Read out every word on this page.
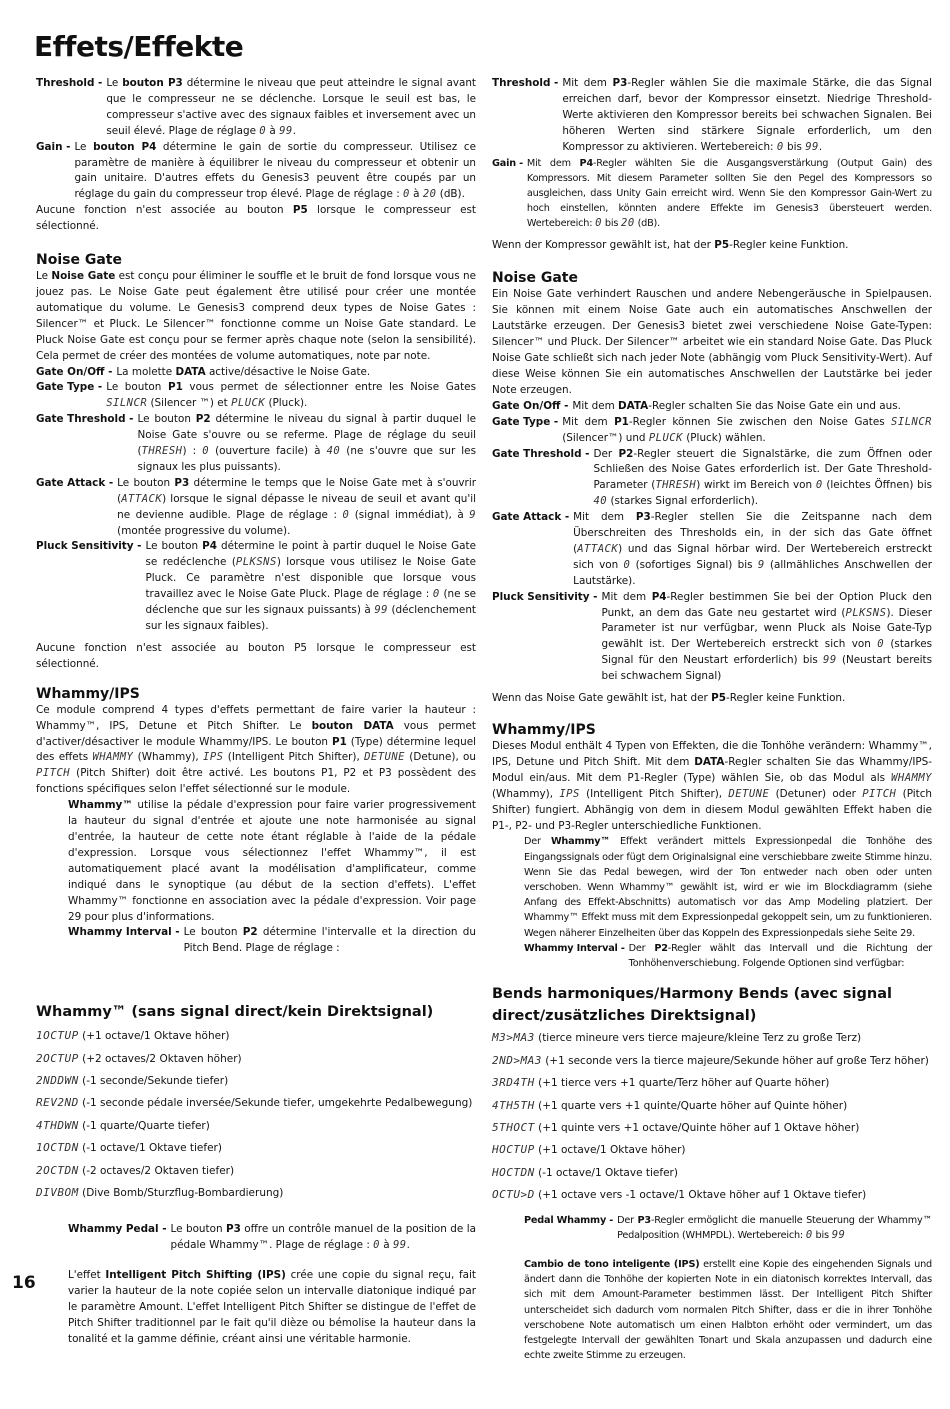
Effets/Effekte
16
Threshold - Le bouton P3 détermine le niveau que peut atteindre le signal avant que le compresseur ne se déclenche. Lorsque le seuil est bas, le compresseur s'active avec des signaux faibles et inversement avec un seuil élevé. Plage de réglage 0 à 99.
Gain - Le bouton P4 détermine le gain de sortie du compresseur. Utilisez ce paramètre de manière à équilibrer le niveau du compresseur et obtenir un gain unitaire. D'autres effets du Genesis3 peuvent être coupés par un réglage du gain du compresseur trop élevé. Plage de réglage : 0 à 20 (dB).

Aucune fonction n'est associée au bouton P5 lorsque le compresseur est sélectionné.

Noise Gate

Le Noise Gate est conçu pour éliminer le souffle et le bruit de fond lorsque vous ne jouez pas. Le Noise Gate peut également être utilisé pour créer une montée automatique du volume. Le Genesis3 comprend deux types de Noise Gates : Silencer™ et Pluck. Le Silencer™ fonctionne comme un Noise Gate standard. Le Pluck Noise Gate est conçu pour se fermer après chaque note (selon la sensibilité). Cela permet de créer des montées de volume automatiques, note par note.

Gate On/Off - La molette DATA active/désactive le Noise Gate.
Gate Type - Le bouton P1 vous permet de sélectionner entre les Noise Gates SILNCR (Silencer ™) et PLUCK (Pluck).
Gate Threshold - Le bouton P2 détermine le niveau du signal à partir duquel le Noise Gate s'ouvre ou se referme. Plage de réglage du seuil (THRESH) : 0 (ouverture facile) à 40 (ne s'ouvre que sur les signaux les plus puissants).
Gate Attack - Le bouton P3 détermine le temps que le Noise Gate met à s'ouvrir (ATTACK) lorsque le signal dépasse le niveau de seuil et avant qu'il ne devienne audible. Plage de réglage : 0 (signal immédiat), à 9 (montée progressive du volume).
Pluck Sensitivity - Le bouton P4 détermine le point à partir duquel le Noise Gate se redéclenche (PLKSNS) lorsque vous utilisez le Noise Gate Pluck. Ce paramètre n'est disponible que lorsque vous travaillez avec le Noise Gate Pluck. Plage de réglage : 0 (ne se déclenche que sur les signaux puissants) à 99 (déclenchement sur les signaux faibles).

Aucune fonction n'est associée au bouton P5 lorsque le compresseur est sélectionné.

Whammy/IPS

Ce module comprend 4 types d'effets permettant de faire varier la hauteur : Whammy™, IPS, Detune et Pitch Shifter. Le bouton DATA vous permet d'activer/désactiver le module Whammy/IPS. Le bouton P1 (Type) détermine lequel des effets WHAMMY (Whammy), IPS (Intelligent Pitch Shifter), DETUNE (Detune), ou PITCH (Pitch Shifter) doit être activé. Les boutons P1, P2 et P3 possèdent des fonctions spécifiques selon l'effet sélectionné sur le module.

Whammy™ utilise la pédale d'expression pour faire varier progressivement la hauteur du signal d'entrée et ajoute une note harmonisée au signal d'entrée, la hauteur de cette note étant réglable à l'aide de la pédale d'expression. Lorsque vous sélectionnez l'effet Whammy™, il est automatiquement placé avant la modélisation d'amplificateur, comme indiqué dans le synoptique (au début de la section d'effets). L'effet Whammy™ fonctionne en association avec la pédale d'expression. Voir page 29 pour plus d'informations.

Whammy Interval - Le bouton P2 détermine l'intervalle et la direction du Pitch Bend. Plage de réglage :
Whammy™ (sans signal direct/kein Direktsignal)
1OCTUP (+1 octave/1 Oktave höher)
2OCTUP (+2 octaves/2 Oktaven höher)
2NDDWN (-1 seconde/Sekunde tiefer)
REV2ND (-1 seconde pédale inversée/Sekunde tiefer, umgekehrte Pedalbewegung)
4THDWN (-1 quarte/Quarte tiefer)
1OCTDN (-1 octave/1 Oktave tiefer)
2OCTDN (-2 octaves/2 Oktaven tiefer)
DIVBOM (Dive Bomb/Sturzflug-Bombardierung)
Whammy Pedal - Le bouton P3 offre un contrôle manuel de la position de la pédale Whammy™. Plage de réglage : 0 à 99.

L'effet Intelligent Pitch Shifting (IPS) crée une copie du signal reçu, fait varier la hauteur de la note copiée selon un intervalle diatonique indiqué par le paramètre Amount. L'effet Intelligent Pitch Shifter se distingue de l'effet de Pitch Shifter traditionnel par le fait qu'il dièze ou bémolise la hauteur dans la tonalité et la gamme définie, créant ainsi une véritable harmonie.

Threshold - Mit dem P3-Regler wählen Sie die maximale Stärke, die das Signal erreichen darf, bevor der Kompressor einsetzt. Niedrige Threshold-Werte aktivieren den Kompressor bereits bei schwachen Signalen. Bei höheren Werten sind stärkere Signale erforderlich, um den Kompressor zu aktivieren. Wertebereich: 0 bis 99.
Gain - Mit dem P4-Regler wählten Sie die Ausgangsverstärkung (Output Gain) des Kompressors. Mit diesem Parameter sollten Sie den Pegel des Kompressors so ausgleichen, dass Unity Gain erreicht wird. Wenn Sie den Kompressor Gain-Wert zu hoch einstellen, könnten andere Effekte im Genesis3 übersteuert werden. Wertebereich: 0 bis 20 (dB).

Wenn der Kompressor gewählt ist, hat der P5-Regler keine Funktion.

Noise Gate

Ein Noise Gate verhindert Rauschen und andere Nebengeräusche in Spielpausen. Sie können mit einem Noise Gate auch ein automatisches Anschwellen der Lautstärke erzeugen. Der Genesis3 bietet zwei verschiedene Noise Gate-Typen: Silencer™ und Pluck. Der Silencer™ arbeitet wie ein standard Noise Gate. Das Pluck Noise Gate schließt sich nach jeder Note (abhängig vom Pluck Sensitivity-Wert). Auf diese Weise können Sie ein automatisches Anschwellen der Lautstärke bei jeder Note erzeugen.

Gate On/Off - Mit dem DATA-Regler schalten Sie das Noise Gate ein und aus.
Gate Type - Mit dem P1-Regler können Sie zwischen den Noise Gates SILNCR (Silencer™) und PLUCK (Pluck) wählen.
Gate Threshold - Der P2-Regler steuert die Signalstärke, die zum Öffnen oder Schließen des Noise Gates erforderlich ist. Der Gate Threshold-Parameter (THRESH) wirkt im Bereich von 0 (leichtes Öffnen) bis 40 (starkes Signal erforderlich).
Gate Attack - Mit dem P3-Regler stellen Sie die Zeitspanne nach dem Überschreiten des Thresholds ein, in der sich das Gate öffnet (ATTACK) und das Signal hörbar wird. Der Wertebereich erstreckt sich von 0 (sofortiges Signal) bis 9 (allmähliches Anschwellen der Lautstärke).
Pluck Sensitivity - Mit dem P4-Regler bestimmen Sie bei der Option Pluck den Punkt, an dem das Gate neu gestartet wird (PLKSNS). Dieser Parameter ist nur verfügbar, wenn Pluck als Noise Gate-Typ gewählt ist. Der Wertebereich erstreckt sich von 0 (starkes Signal für den Neustart erforderlich) bis 99 (Neustart bereits bei schwachem Signal)

Wenn das Noise Gate gewählt ist, hat der P5-Regler keine Funktion.

Whammy/IPS

Dieses Modul enthält 4 Typen von Effekten, die die Tonhöhe verändern: Whammy™, IPS, Detune und Pitch Shift. Mit dem DATA-Regler schalten Sie das Whammy/IPS-Modul ein/aus. Mit dem P1-Regler (Type) wählen Sie, ob das Modul als WHAMMY (Whammy), IPS (Intelligent Pitch Shifter), DETUNE (Detuner) oder PITCH (Pitch Shifter) fungiert. Abhängig von dem in diesem Modul gewählten Effekt haben die P1-, P2- und P3-Regler unterschiedliche Funktionen.

Der Whammy™ Effekt verändert mittels Expressionpedal die Tonhöhe des Eingangssignals oder fügt dem Originalsignal eine verschiebbare zweite Stimme hinzu. Wenn Sie das Pedal bewegen, wird der Ton entweder nach oben oder unten verschoben. Wenn Whammy™ gewählt ist, wird er wie im Blockdiagramm (siehe Anfang des Effekt-Abschnitts) automatisch vor das Amp Modeling platziert. Der Whammy™ Effekt muss mit dem Expressionpedal gekoppelt sein, um zu funktionieren. Wegen näherer Einzelheiten über das Koppeln des Expressionpedals siehe Seite 29.

Whammy Interval - Der P2-Regler wählt das Intervall und die Richtung der Tonhöhenverschiebung. Folgende Optionen sind verfügbar:
Bends harmoniques/Harmony Bends (avec signal direct/zusätzliches Direktsignal)
M3>MA3 (tierce mineure vers tierce majeure/kleine Terz zu große Terz)
2ND>MA3 (+1 seconde vers la tierce majeure/Sekunde höher auf große Terz höher)
3RD4TH (+1 tierce vers +1 quarte/Terz höher auf Quarte höher)
4TH5TH (+1 quarte vers +1 quinte/Quarte höher auf Quinte höher)
5THOCT (+1 quinte vers +1 octave/Quinte höher auf 1 Oktave höher)
HOCTUP (+1 octave/1 Oktave höher)
HOCTDN (-1 octave/1 Oktave tiefer)
OCTU>D (+1 octave vers -1 octave/1 Oktave höher auf 1 Oktave tiefer)
Pedal Whammy - Der P3-Regler ermöglicht die manuelle Steuerung der Whammy™ Pedalposition (WHMPDL). Wertebereich: 0 bis 99

Cambio de tono inteligente (IPS) erstellt eine Kopie des eingehenden Signals und ändert dann die Tonhöhe der kopierten Note in ein diatonisch korrektes Intervall, das sich mit dem Amount-Parameter bestimmen lässt. Der Intelligent Pitch Shifter unterscheidet sich dadurch vom normalen Pitch Shifter, dass er die in ihrer Tonhöhe verschobene Note automatisch um einen Halbton erhöht oder vermindert, um das festgelegte Intervall der gewählten Tonart und Skala anzupassen und dadurch eine echte zweite Stimme zu erzeugen.
